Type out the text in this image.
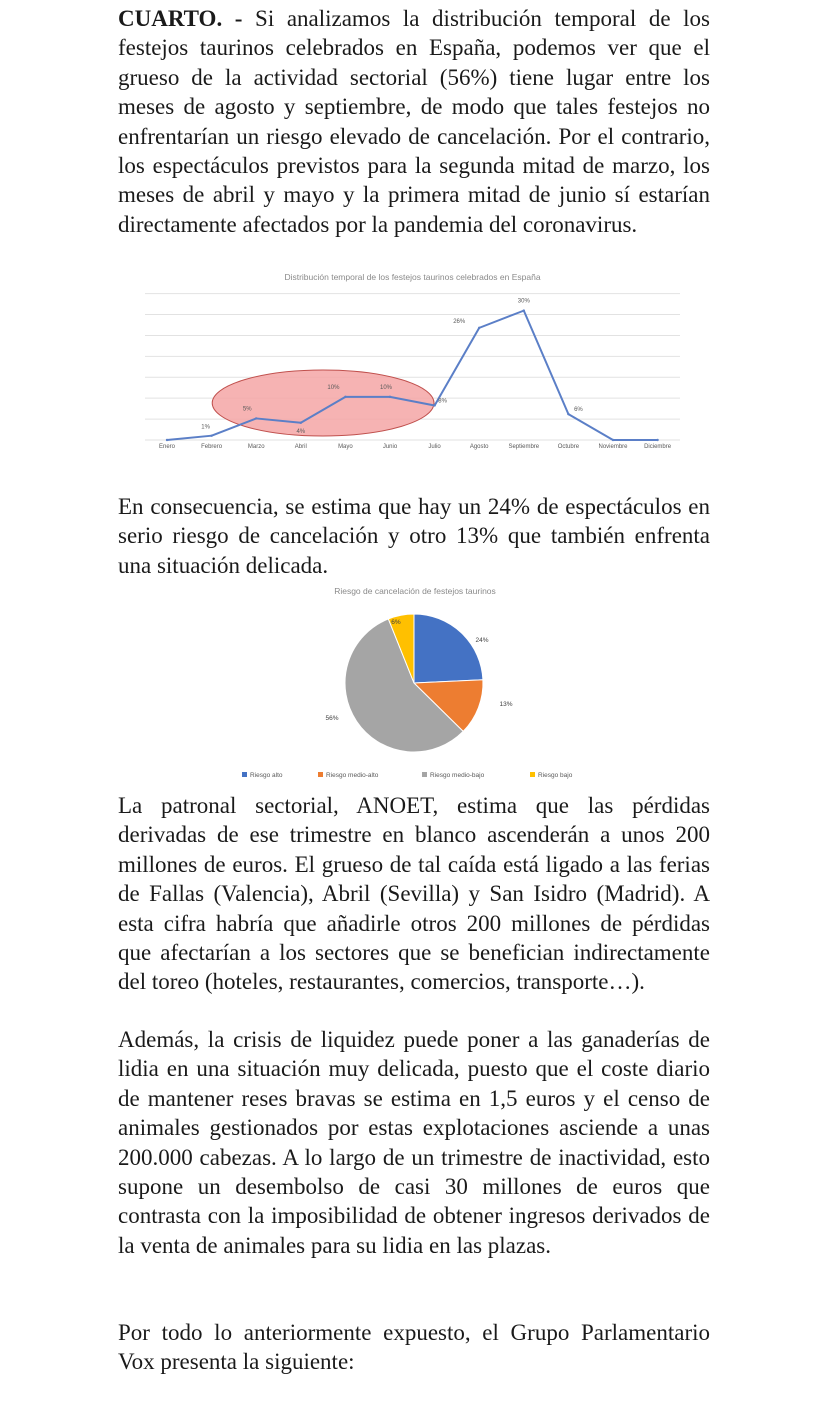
CUARTO. - Si analizamos la distribución temporal de los festejos taurinos celebrados en España, podemos ver que el grueso de la actividad sectorial (56%) tiene lugar entre los meses de agosto y septiembre, de modo que tales festejos no enfrentarían un riesgo elevado de cancelación. Por el contrario, los espectáculos previstos para la segunda mitad de marzo, los meses de abril y mayo y la primera mitad de junio sí estarían directamente afectados por la pandemia del coronavirus.
Distribución temporal de los festejos taurinos celebrados en España
1%
5%
4%
10%	10%
8%
26%
30%
6%
Enero	Febrero	Marzo	Abril	Mayo	Junio	Julio	Agosto	Septiembre	Octubre	Noviembre	Diciembre
En consecuencia, se estima que hay un 24% de espectáculos en serio riesgo de cancelación y otro 13% que también enfrenta una situación delicada.
Riesgo de cancelación de festejos taurinos
24%
13%
56%
6%
Riesgo alto	Riesgo medio-alto	Riesgo medio-bajo	Riesgo bajo
La patronal sectorial, ANOET, estima que las pérdidas derivadas de ese trimestre en blanco ascenderán a unos 200 millones de euros. El grueso de tal caída está ligado a las ferias de Fallas (Valencia), Abril (Sevilla) y San Isidro (Madrid). A esta cifra habría que añadirle otros 200 millones de pérdidas que afectarían a los sectores que se benefician indirectamente del toreo (hoteles, restaurantes, comercios, transporte…).
Además, la crisis de liquidez puede poner a las ganaderías de lidia en una situación muy delicada, puesto que el coste diario de mantener reses bravas se estima en 1,5 euros y el censo de animales gestionados por estas explotaciones asciende a unas 200.000 cabezas. A lo largo de un trimestre de inactividad, esto supone un desembolso de casi 30 millones de euros que contrasta con la imposibilidad de obtener ingresos derivados de la venta de animales para su lidia en las plazas.
Por todo lo anteriormente expuesto, el Grupo Parlamentario Vox presenta la siguiente:
